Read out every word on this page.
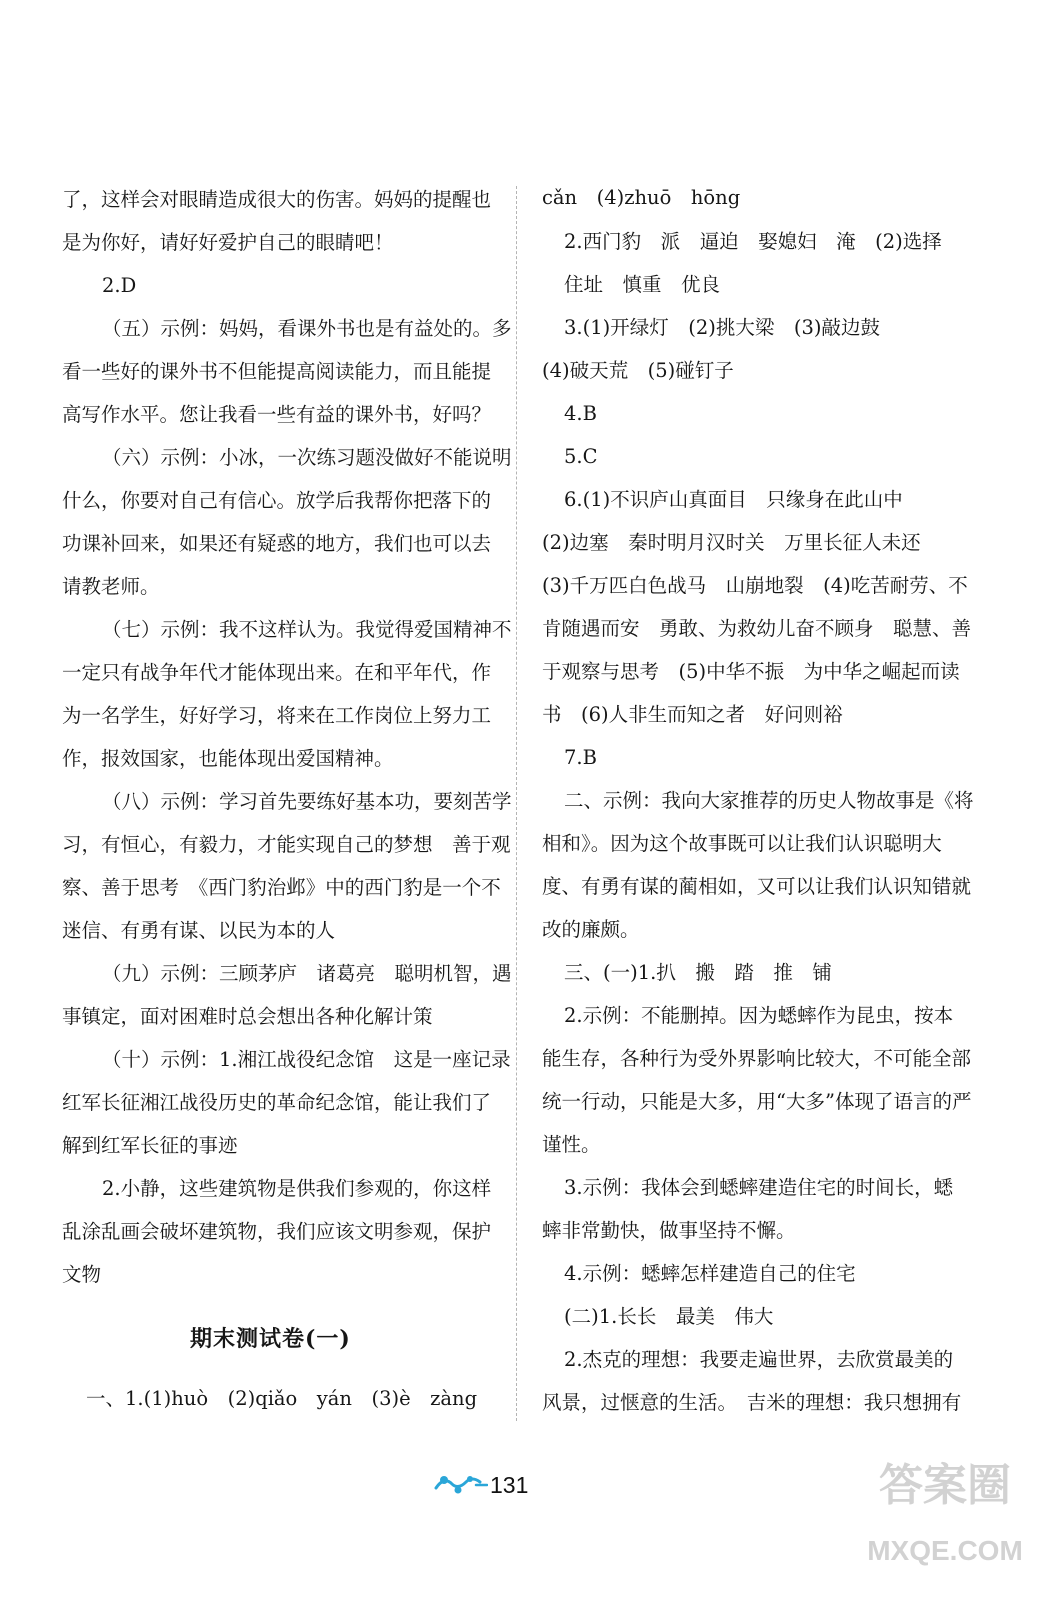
了，这样会对眼睛造成很大的伤害。妈妈的提醒也
是为你好，请好好爱护自己的眼睛吧！
2.D
（五）示例：妈妈，看课外书也是有益处的。多
看一些好的课外书不但能提高阅读能力，而且能提
高写作水平。您让我看一些有益的课外书，好吗？
（六）示例：小冰，一次练习题没做好不能说明
什么，你要对自己有信心。放学后我帮你把落下的
功课补回来，如果还有疑惑的地方，我们也可以去
请教老师。
（七）示例：我不这样认为。我觉得爱国精神不
一定只有战争年代才能体现出来。在和平年代，作
为一名学生，好好学习，将来在工作岗位上努力工
作，报效国家，也能体现出爱国精神。
（八）示例：学习首先要练好基本功，要刻苦学
习，有恒心，有毅力，才能实现自己的梦想　善于观
察、善于思考　《西门豹治邺》中的西门豹是一个不
迷信、有勇有谋、以民为本的人
（九）示例：三顾茅庐　诸葛亮　聪明机智，遇
事镇定，面对困难时总会想出各种化解计策
（十）示例：1.湘江战役纪念馆　这是一座记录
红军长征湘江战役历史的革命纪念馆，能让我们了
解到红军长征的事迹
2.小静，这些建筑物是供我们参观的，你这样
乱涂乱画会破坏建筑物，我们应该文明参观，保护
文物
期末测试卷(一)
一、1.(1)huò　(2)qiǎo　yán　(3)è　zàng
cǎn　(4)zhuō　hōng
2.西门豹　派　逼迫　娶媳妇　淹　(2)选择
住址　慎重　优良
3.(1)开绿灯　(2)挑大梁　(3)敲边鼓
(4)破天荒　(5)碰钉子
4.B
5.C
6.(1)不识庐山真面目　只缘身在此山中
(2)边塞　秦时明月汉时关　万里长征人未还
(3)千万匹白色战马　山崩地裂　(4)吃苦耐劳、不
肯随遇而安　勇敢、为救幼儿奋不顾身　聪慧、善
于观察与思考　(5)中华不振　为中华之崛起而读
书　(6)人非生而知之者　好问则裕
7.B
二、示例：我向大家推荐的历史人物故事是《将
相和》。因为这个故事既可以让我们认识聪明大
度、有勇有谋的蔺相如，又可以让我们认识知错就
改的廉颇。
三、(一)1.扒　搬　踏　推　铺
2.示例：不能删掉。因为蟋蟀作为昆虫，按本
能生存，各种行为受外界影响比较大，不可能全部
统一行动，只能是大多，用“大多”体现了语言的严
谨性。
3.示例：我体会到蟋蟀建造住宅的时间长，蟋
蟀非常勤快，做事坚持不懈。
4.示例：蟋蟀怎样建造自己的住宅
(二)1.长长　最美　伟大
2.杰克的理想：我要走遍世界，去欣赏最美的
风景，过惬意的生活。　吉米的理想：我只想拥有
131	答案圈
MXQE.COM
